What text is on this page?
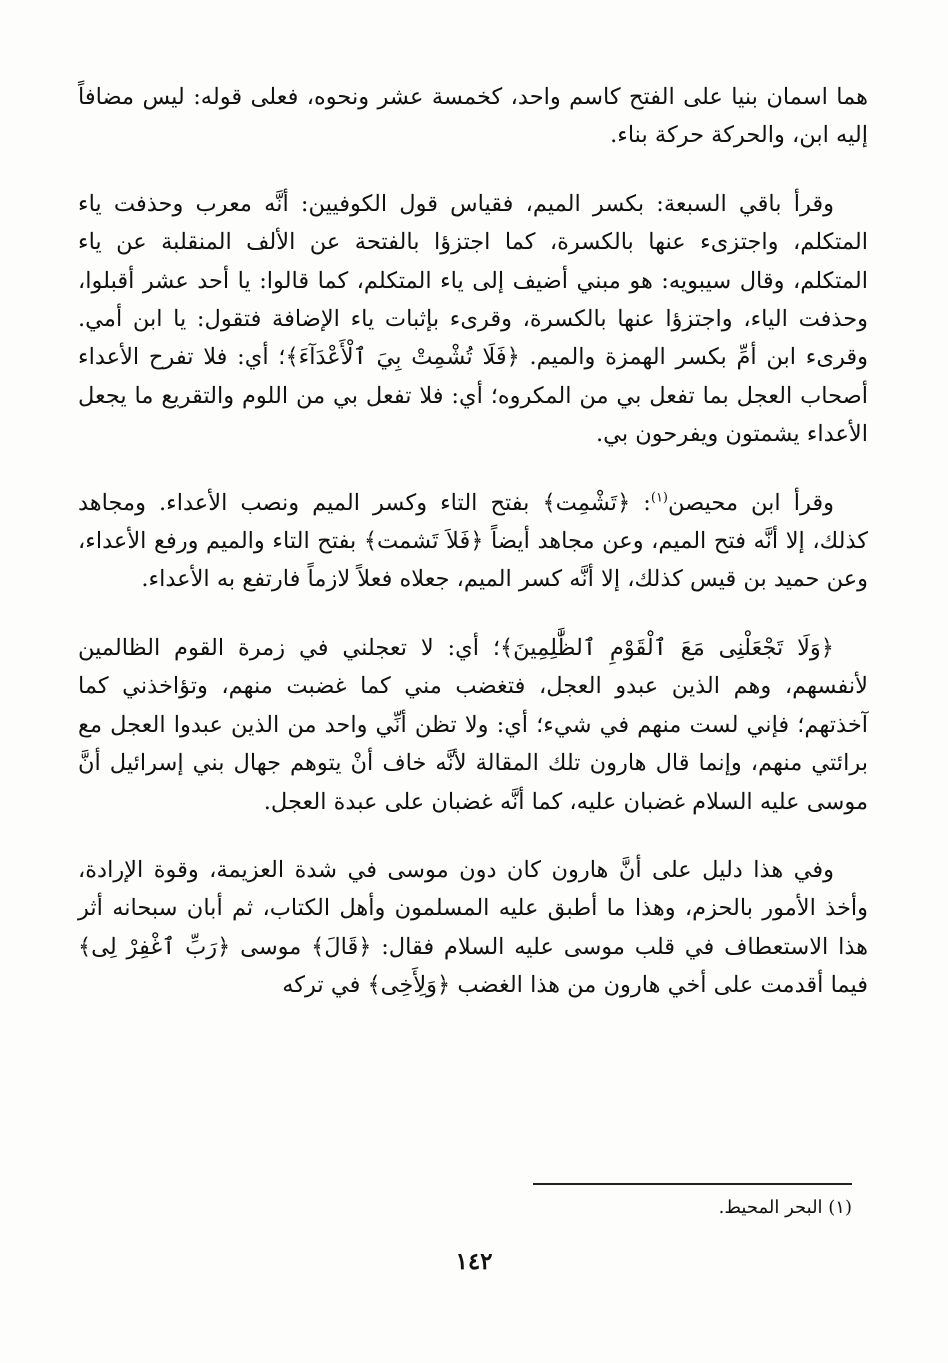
هما اسمان بنيا على الفتح كاسم واحد، كخمسة عشر ونحوه، فعلى قوله: ليس مضافاً إليه ابن، والحركة حركة بناء.

وقرأ باقي السبعة: بكسر الميم، فقياس قول الكوفيين: أنَّه معرب وحذفت ياء المتكلم، واجتزىء عنها بالكسرة، كما اجتزؤا بالفتحة عن الألف المنقلبة عن ياء المتكلم، وقال سيبويه: هو مبني أضيف إلى ياء المتكلم، كما قالوا: يا أحد عشر أقبلوا، وحذفت الياء، واجتزؤا عنها بالكسرة، وقرىء بإثبات ياء الإضافة فتقول: يا ابن أمي. وقرىء ابن أمِّ بكسر الهمزة والميم. ﴿فَلَا تُشْمِتْ بِيَ ٱلْأَعْدَآءَ﴾؛ أي: فلا تفرح الأعداء أصحاب العجل بما تفعل بي من المكروه؛ أي: فلا تفعل بي من اللوم والتقريع ما يجعل الأعداء يشمتون ويفرحون بي.

وقرأ ابن محيصن$^{(١)}$: ﴿تَشْمِت﴾ بفتح التاء وكسر الميم ونصب الأعداء. ومجاهد كذلك، إلا أنَّه فتح الميم، وعن مجاهد أيضاً ﴿فَلاَ تَشمت﴾ بفتح التاء والميم ورفع الأعداء، وعن حميد بن قيس كذلك، إلا أنَّه كسر الميم، جعلاه فعلاً لازماً فارتفع به الأعداء.

﴿وَلَا تَجْعَلْنِى مَعَ ٱلْقَوْمِ ٱلظَّٰلِمِينَ﴾؛ أي: لا تعجلني في زمرة القوم الظالمين لأنفسهم، وهم الذين عبدو العجل، فتغضب مني كما غضبت منهم، وتؤاخذني كما آخذتهم؛ فإني لست منهم في شيء؛ أي: ولا تظن أنِّي واحد من الذين عبدوا العجل مع برائتي منهم، وإنما قال هارون تلك المقالة لأنَّه خاف أنْ يتوهم جهال بني إسرائيل أنَّ موسى عليه السلام غضبان عليه، كما أنَّه غضبان على عبدة العجل.

وفي هذا دليل على أنَّ هارون كان دون موسى في شدة العزيمة، وقوة الإرادة، وأخذ الأمور بالحزم، وهذا ما أطبق عليه المسلمون وأهل الكتاب، ثم أبان سبحانه أثر هذا الاستعطاف في قلب موسى عليه السلام فقال: ﴿قَالَ﴾ موسى ﴿رَبِّ ٱغْفِرْ لِى﴾ فيما أقدمت على أخي هارون من هذا الغضب ﴿وَلِأَخِى﴾ في تركه

(١) البحر المحيط.
١٤٢
